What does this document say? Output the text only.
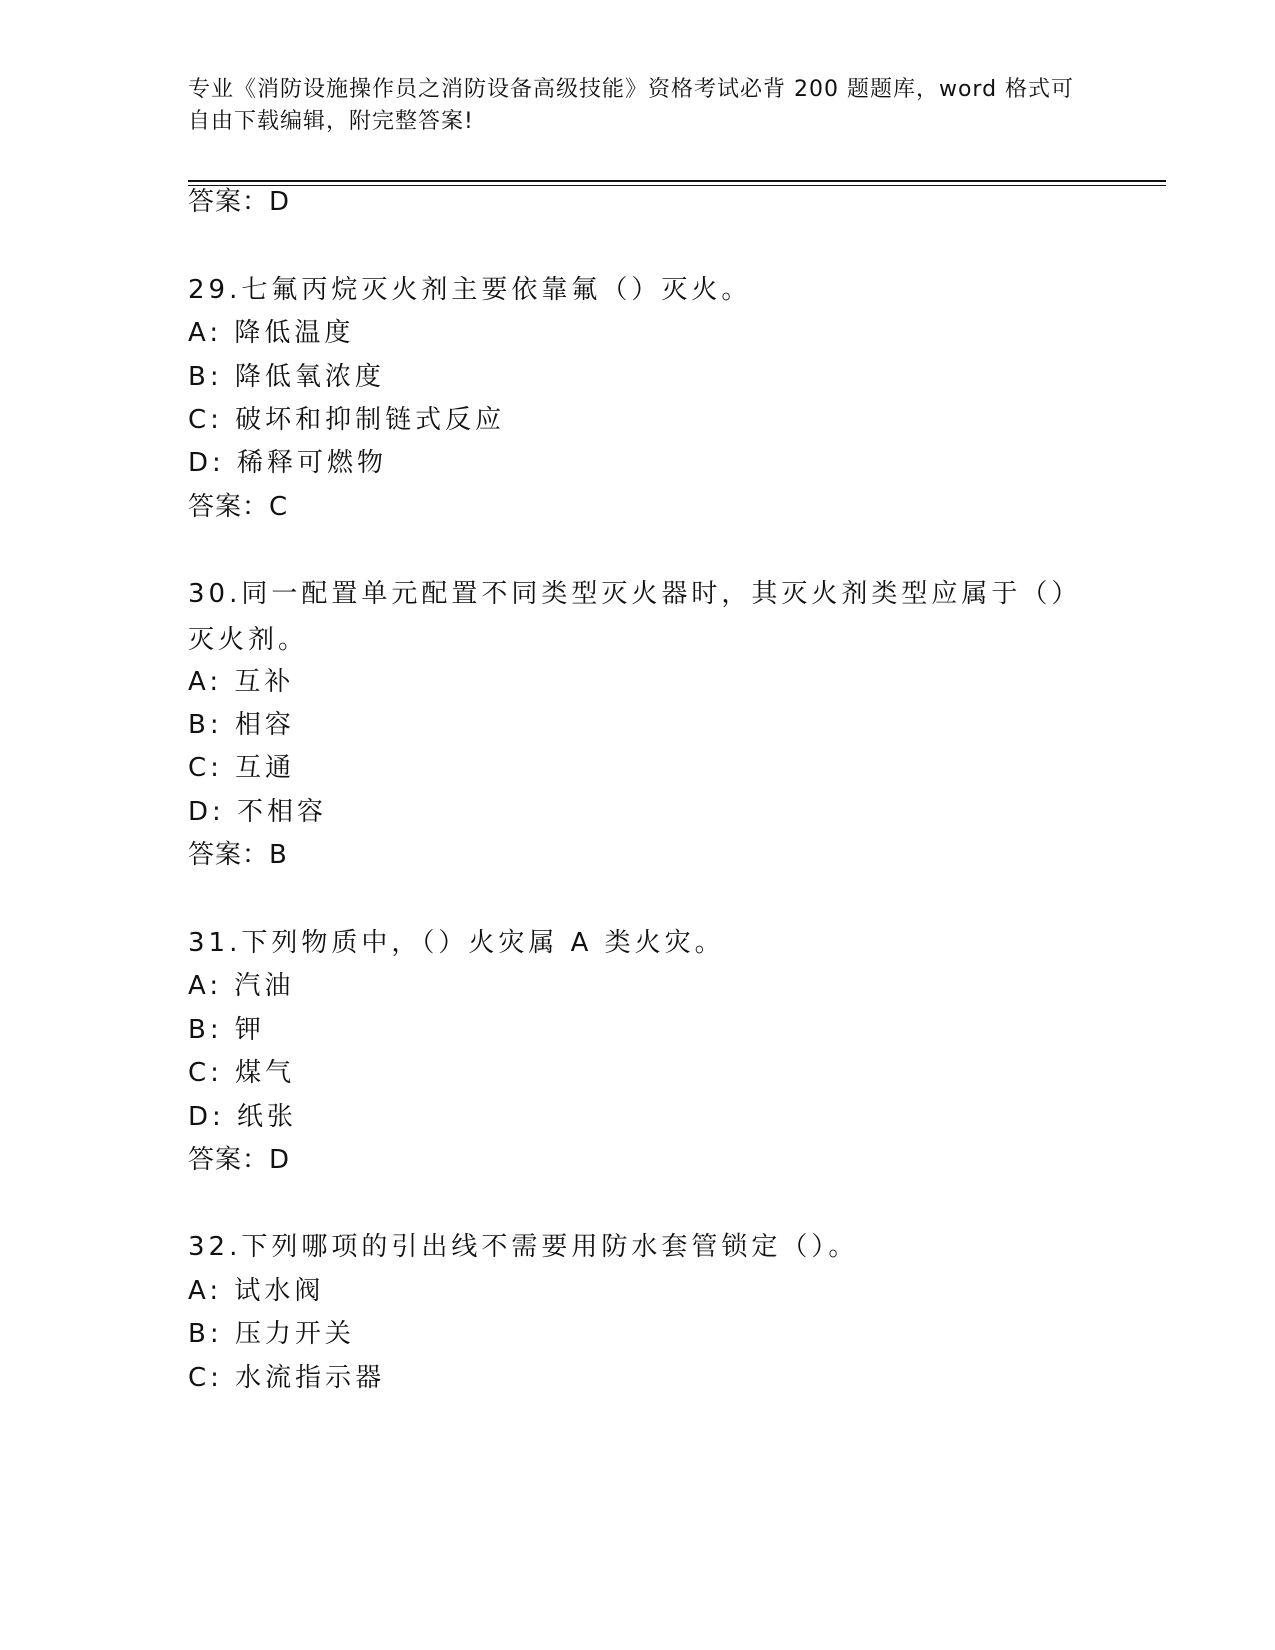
专业《消防设施操作员之消防设备高级技能》资格考试必背 200 题题库，word 格式可自由下载编辑，附完整答案!
答案：D
29.七氟丙烷灭火剂主要依靠氟（）灭火。
A: 降低温度
B: 降低氧浓度
C: 破坏和抑制链式反应
D: 稀释可燃物
答案：C
30.同一配置单元配置不同类型灭火器时，其灭火剂类型应属于（）灭火剂。
A: 互补
B: 相容
C: 互通
D: 不相容
答案：B
31.下列物质中，（）火灾属 A 类火灾。
A: 汽油
B: 钾
C: 煤气
D: 纸张
答案：D
32.下列哪项的引出线不需要用防水套管锁定（）。
A: 试水阀
B: 压力开关
C: 水流指示器
